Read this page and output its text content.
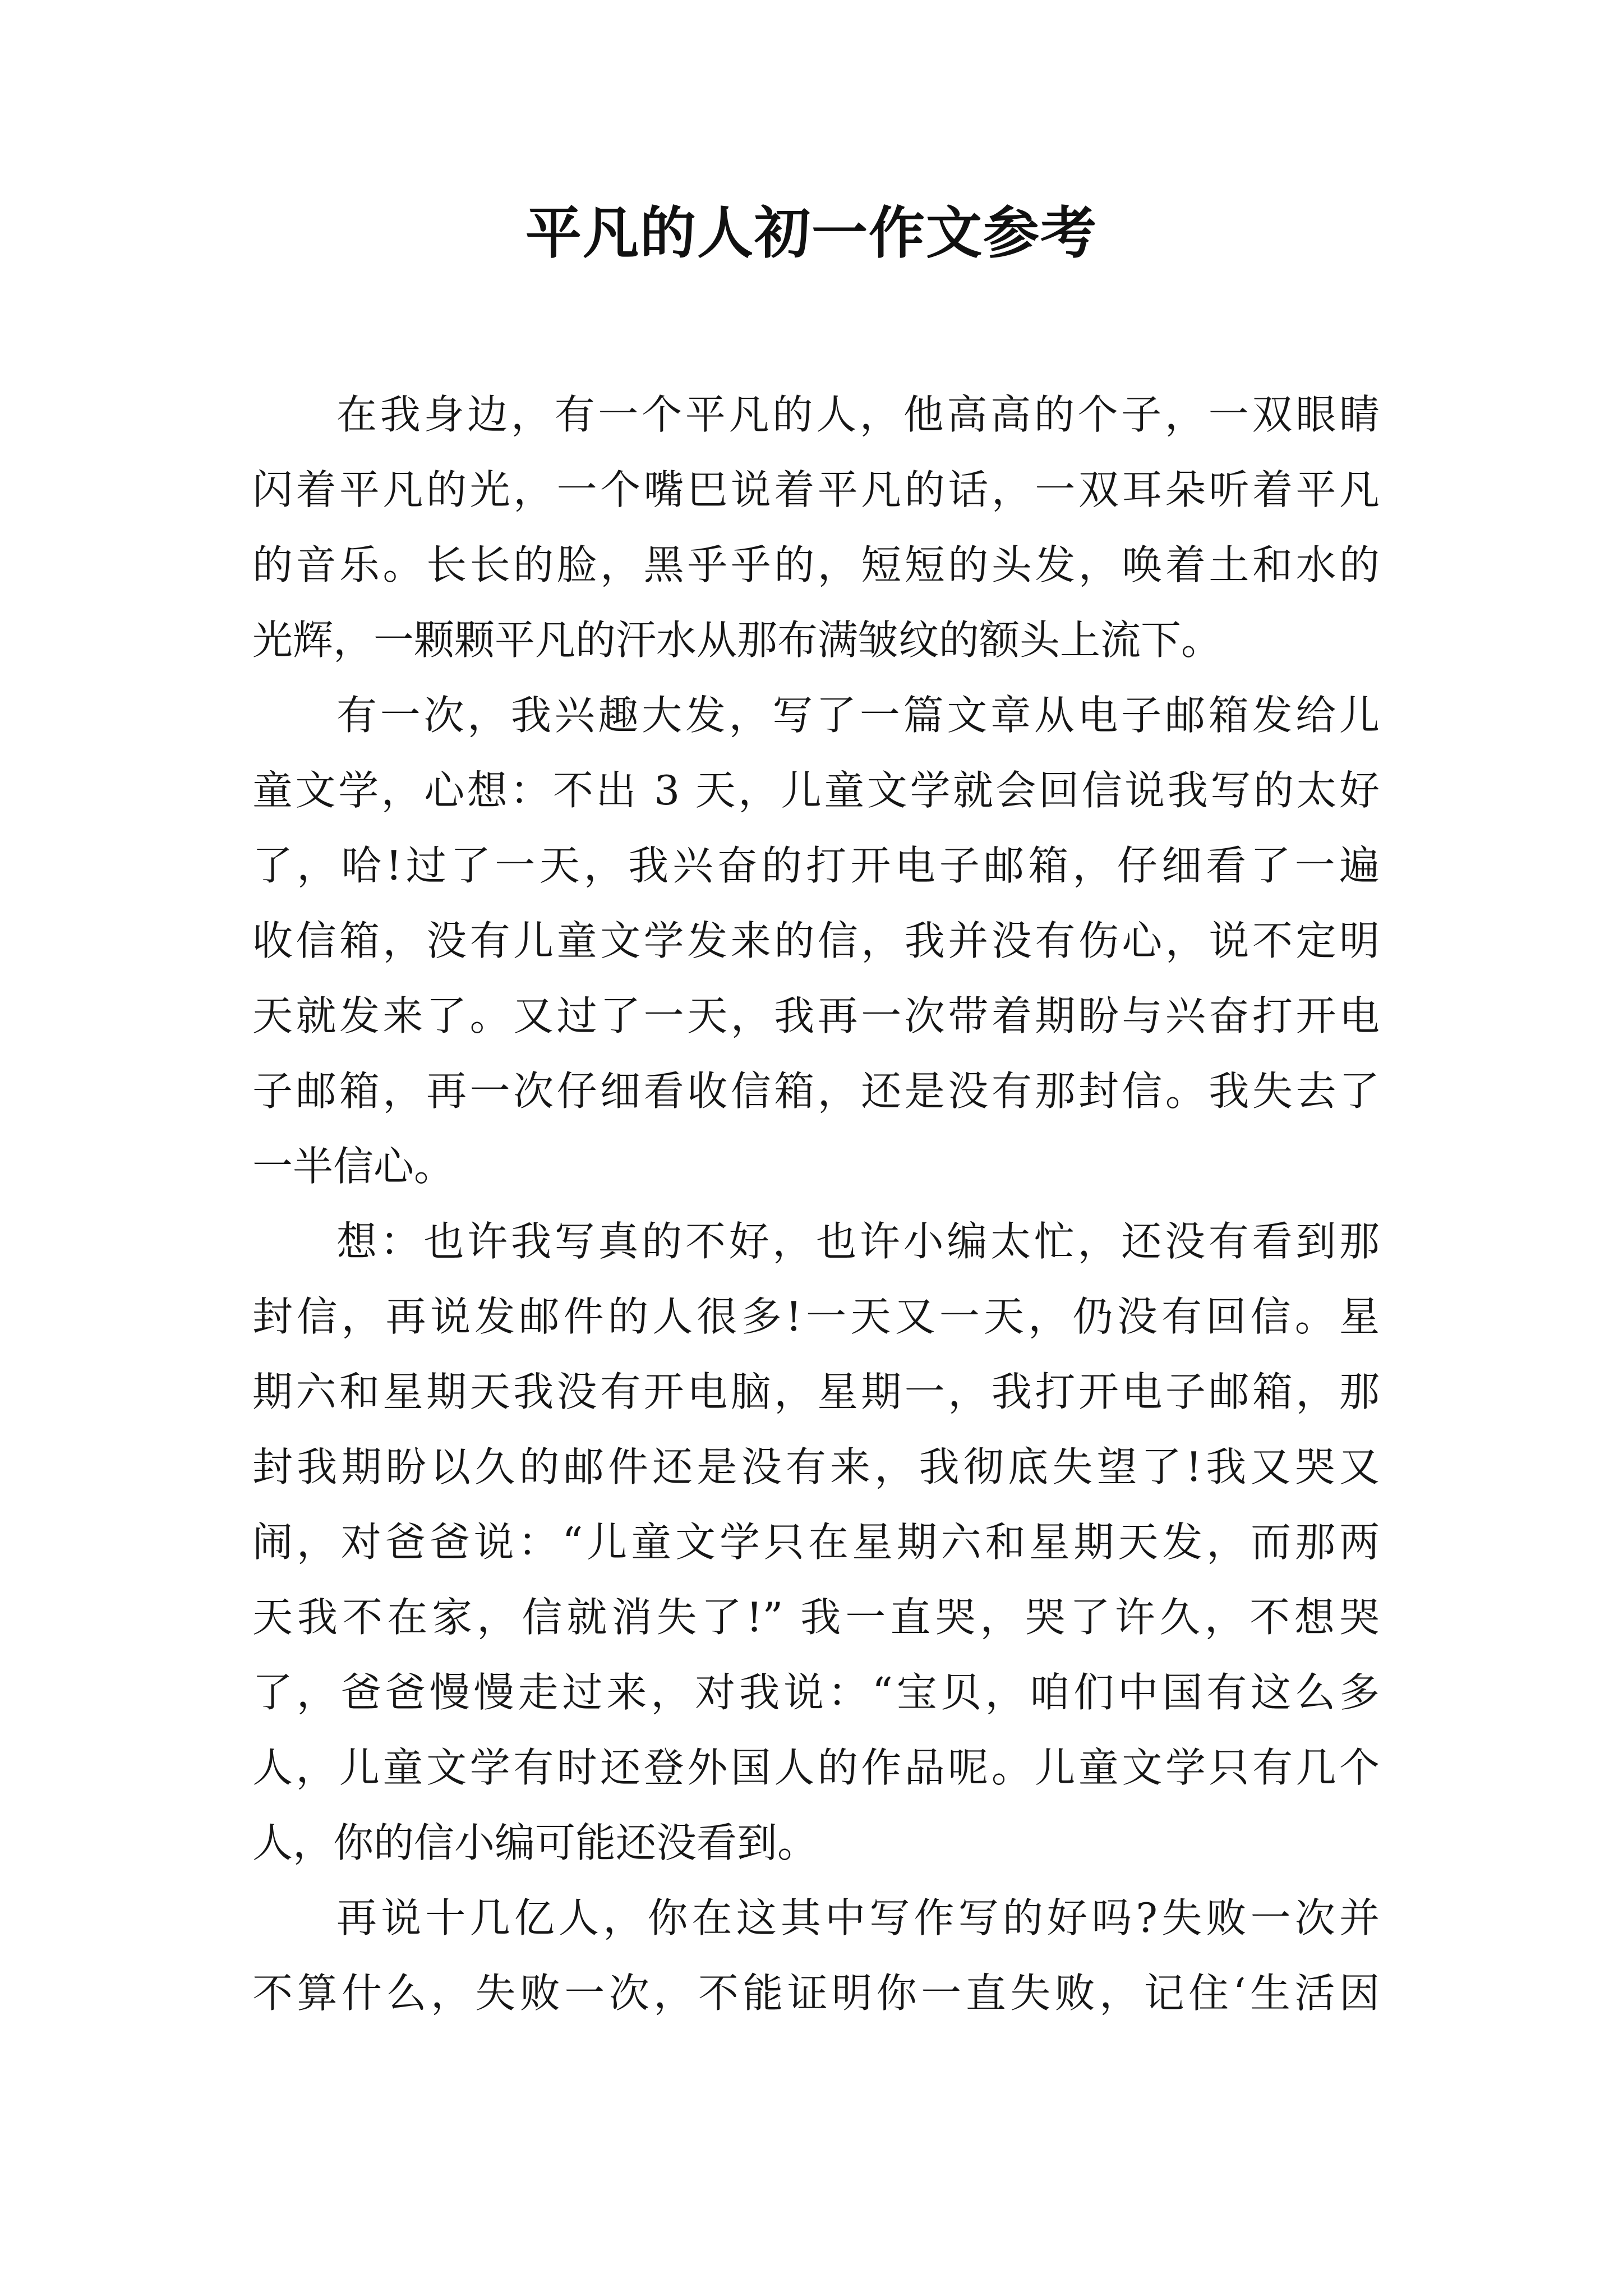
平凡的人初一作文参考
在我身边，有一个平凡的人，他高高的个子，一双眼睛
闪着平凡的光，一个嘴巴说着平凡的话，一双耳朵听着平凡
的音乐。长长的脸，黑乎乎的，短短的头发，唤着土和水的
光辉，一颗颗平凡的汗水从那布满皱纹的额头上流下。
有一次，我兴趣大发，写了一篇文章从电子邮箱发给儿
童文学，心想：不出 3 天，儿童文学就会回信说我写的太好
了，哈!过了一天，我兴奋的打开电子邮箱，仔细看了一遍
收信箱，没有儿童文学发来的信，我并没有伤心，说不定明
天就发来了。又过了一天，我再一次带着期盼与兴奋打开电
子邮箱，再一次仔细看收信箱，还是没有那封信。我失去了
一半信心。
想：也许我写真的不好，也许小编太忙，还没有看到那
封信，再说发邮件的人很多!一天又一天，仍没有回信。星
期六和星期天我没有开电脑，星期一，我打开电子邮箱，那
封我期盼以久的邮件还是没有来，我彻底失望了!我又哭又
闹，对爸爸说：“儿童文学只在星期六和星期天发，而那两
天我不在家，信就消失了!” 我一直哭，哭了许久，不想哭
了，爸爸慢慢走过来，对我说：“宝贝，咱们中国有这么多
人，儿童文学有时还登外国人的作品呢。儿童文学只有几个
人，你的信小编可能还没看到。
再说十几亿人，你在这其中写作写的好吗?失败一次并
不算什么，失败一次，不能证明你一直失败，记住‘生活因
